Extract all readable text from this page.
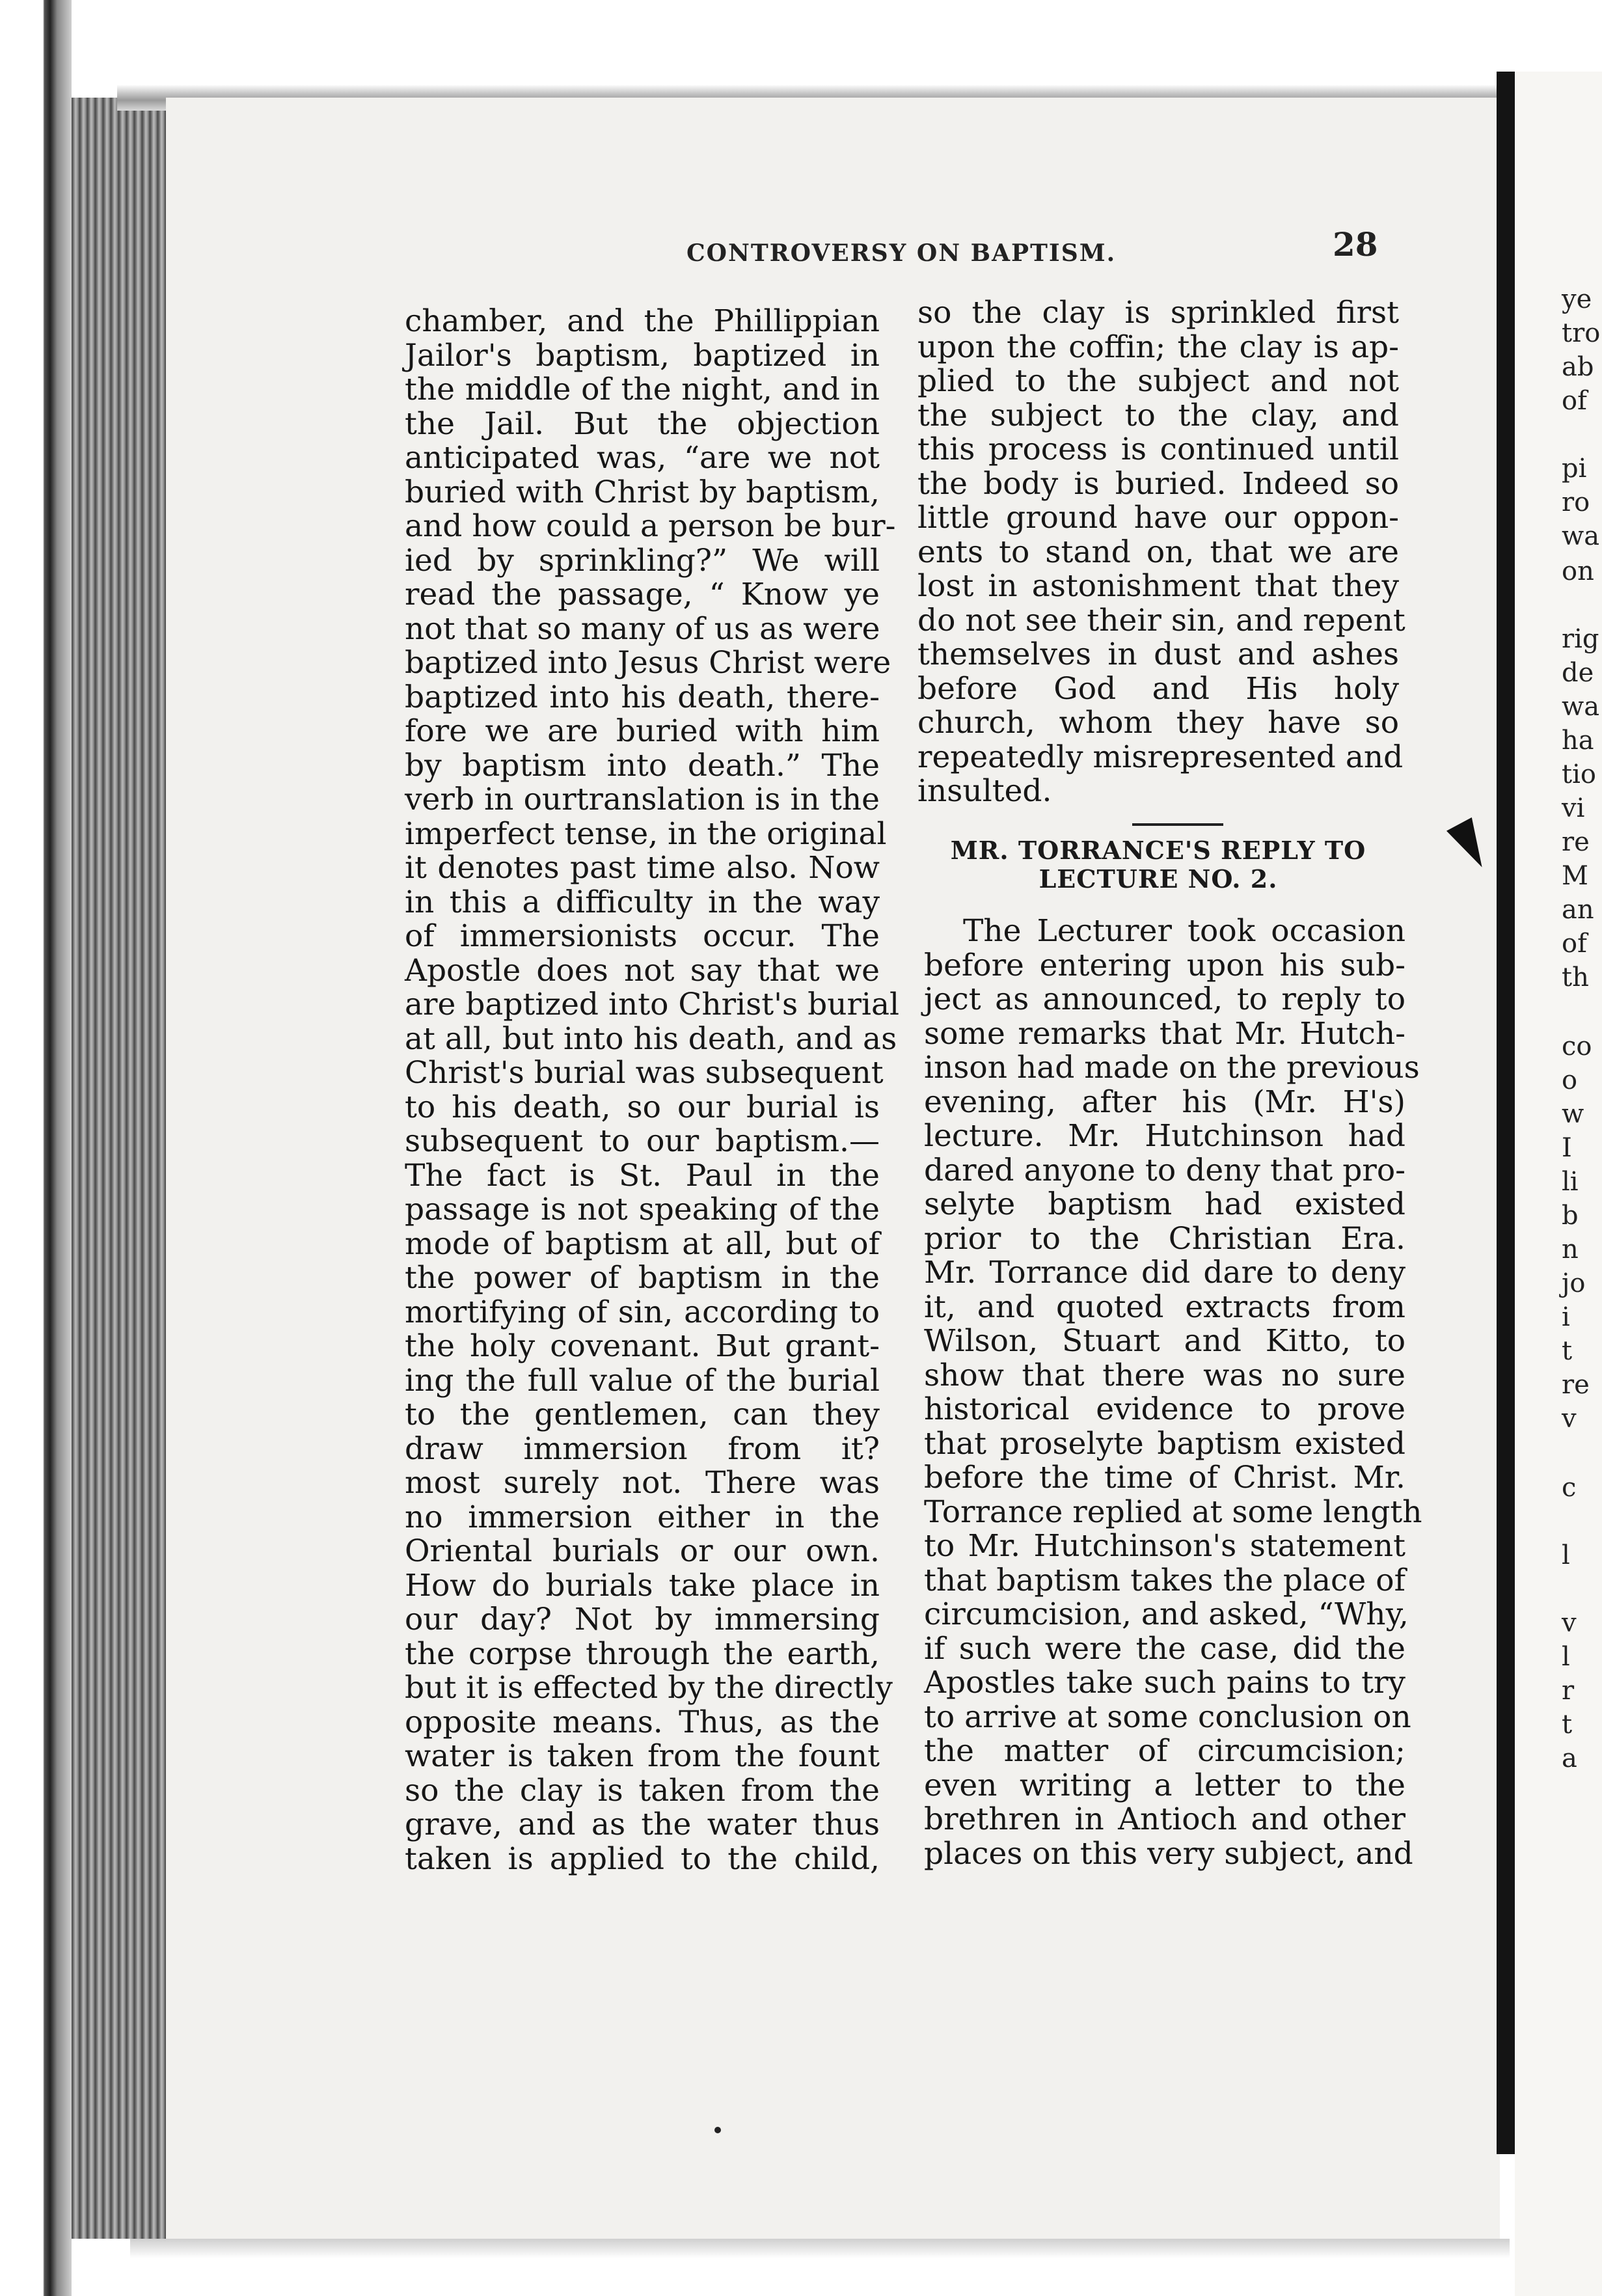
ye
tro
ab
of
pi
ro
wa
on
rig
de
wa
ha
tio
vi
re
M
an
of
th
co
o
w
I
li
b
n
jo
i
t
re
v
c
l
v
l
r
t
a
CONTROVERSY ON BAPTISM.	28
chamber, and the Phillippian
Jailor's baptism, baptized in
the middle of the night, and in
the Jail. But the objection
anticipated was, “are we not
buried with Christ by baptism,
and how could a person be bur-
ied by sprinkling?” We will
read the passage, “ Know ye
not that so many of us as were
baptized into Jesus Christ were
baptized into his death, there-
fore we are buried with him
by baptism into death.” The
verb in ourtranslation is in the
imperfect tense, in the original
it denotes past time also. Now
in this a difficulty in the way
of immersionists occur. The
Apostle does not say that we
are baptized into Christ's burial
at all, but into his death, and as
Christ's burial was subsequent
to his death, so our burial is
subsequent to our baptism.—
The fact is St. Paul in the
passage is not speaking of the
mode of baptism at all, but of
the power of baptism in the
mortifying of sin, according to
the holy covenant. But grant-
ing the full value of the burial
to the gentlemen, can they
draw immersion from it?
most surely not. There was
no immersion either in the
Oriental burials or our own.
How do burials take place in
our day? Not by immersing
the corpse through the earth,
but it is effected by the directly
opposite means. Thus, as the
water is taken from the fount
so the clay is taken from the
grave, and as the water thus
taken is applied to the child,
so the clay is sprinkled first
upon the coffin; the clay is ap-
plied to the subject and not
the subject to the clay, and
this process is continued until
the body is buried. Indeed so
little ground have our oppon-
ents to stand on, that we are
lost in astonishment that they
do not see their sin, and repent
themselves in dust and ashes
before God and His holy
church, whom they have so
repeatedly misrepresented and
insulted.
MR. TORRANCE'S REPLY TO
LECTURE NO. 2.
The Lecturer took occasion
before entering upon his sub-
ject as announced, to reply to
some remarks that Mr. Hutch-
inson had made on the previous
evening, after his (Mr. H's)
lecture. Mr. Hutchinson had
dared anyone to deny that pro-
selyte baptism had existed
prior to the Christian Era.
Mr. Torrance did dare to deny
it, and quoted extracts from
Wilson, Stuart and Kitto, to
show that there was no sure
historical evidence to prove
that proselyte baptism existed
before the time of Christ. Mr.
Torrance replied at some length
to Mr. Hutchinson's statement
that baptism takes the place of
circumcision, and asked, “Why,
if such were the case, did the
Apostles take such pains to try
to arrive at some conclusion on
the matter of circumcision;
even writing a letter to the
brethren in Antioch and other
places on this very subject, and
